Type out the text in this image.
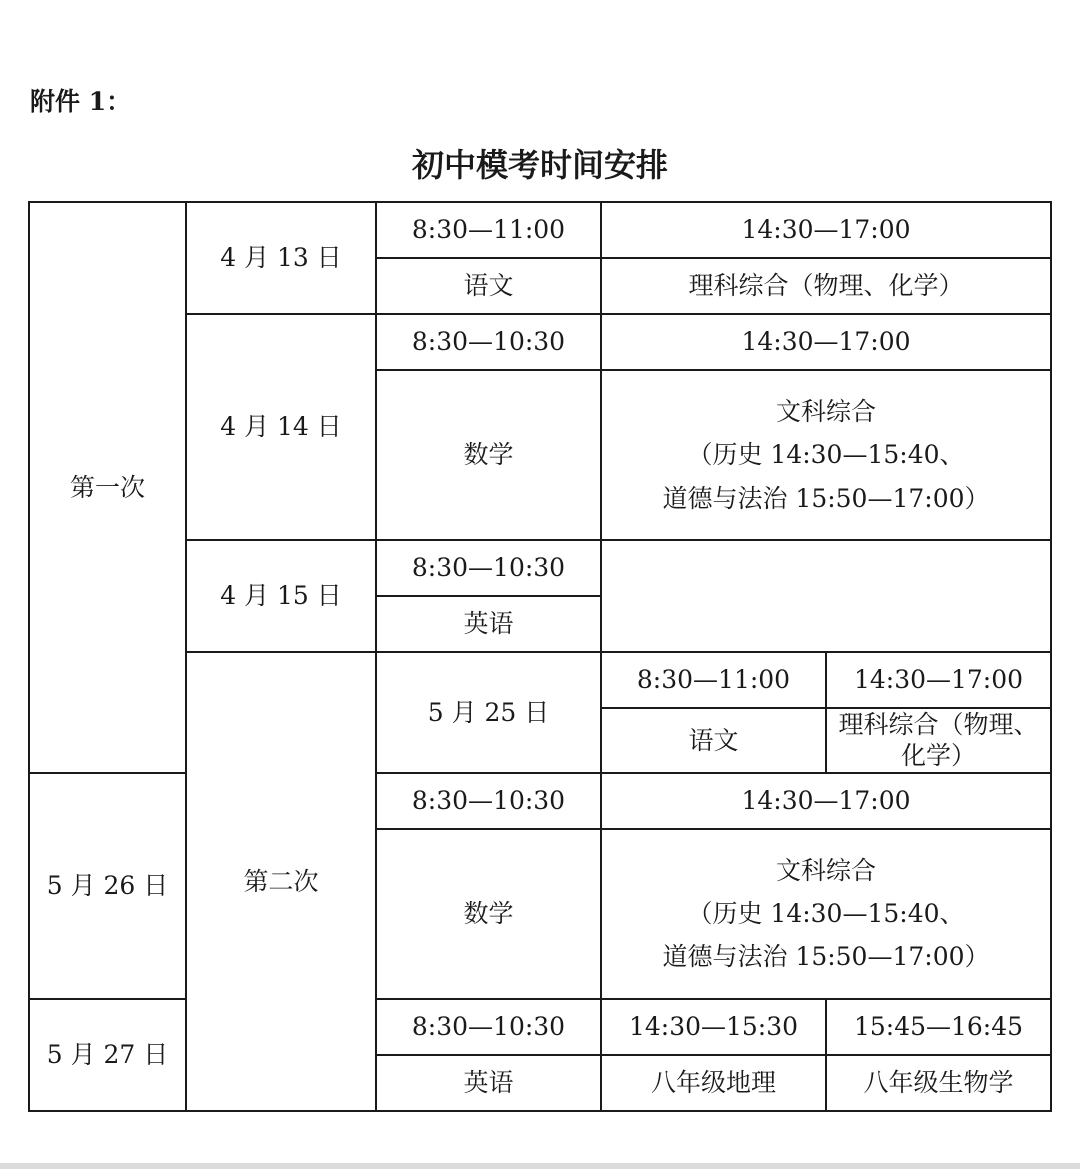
附件 1：
初中模考时间安排
第一次	4 月 13 日	8:30—11:00	14:30—17:00	
		语文	理科综合（物理、化学）	
	4 月 14 日	8:30—10:30	14:30—17:00	
		数学	文科综合
（历史 14:30—15:40、
道德与法治 15:50—17:00）	

	4 月 15 日	8:30—10:30		
		英语		
	第二次	5 月 25 日	8:30—11:00	14:30—17:00
			语文	理科综合（物理、化学）
5 月 26 日		8:30—10:30	14:30—17:00	
		数学	文科综合
（历史 14:30—15:40、
道德与法治 15:50—17:00）	

5 月 27 日		8:30—10:30	14:30—15:30	15:45—16:45
		英语	八年级地理	八年级生物学
